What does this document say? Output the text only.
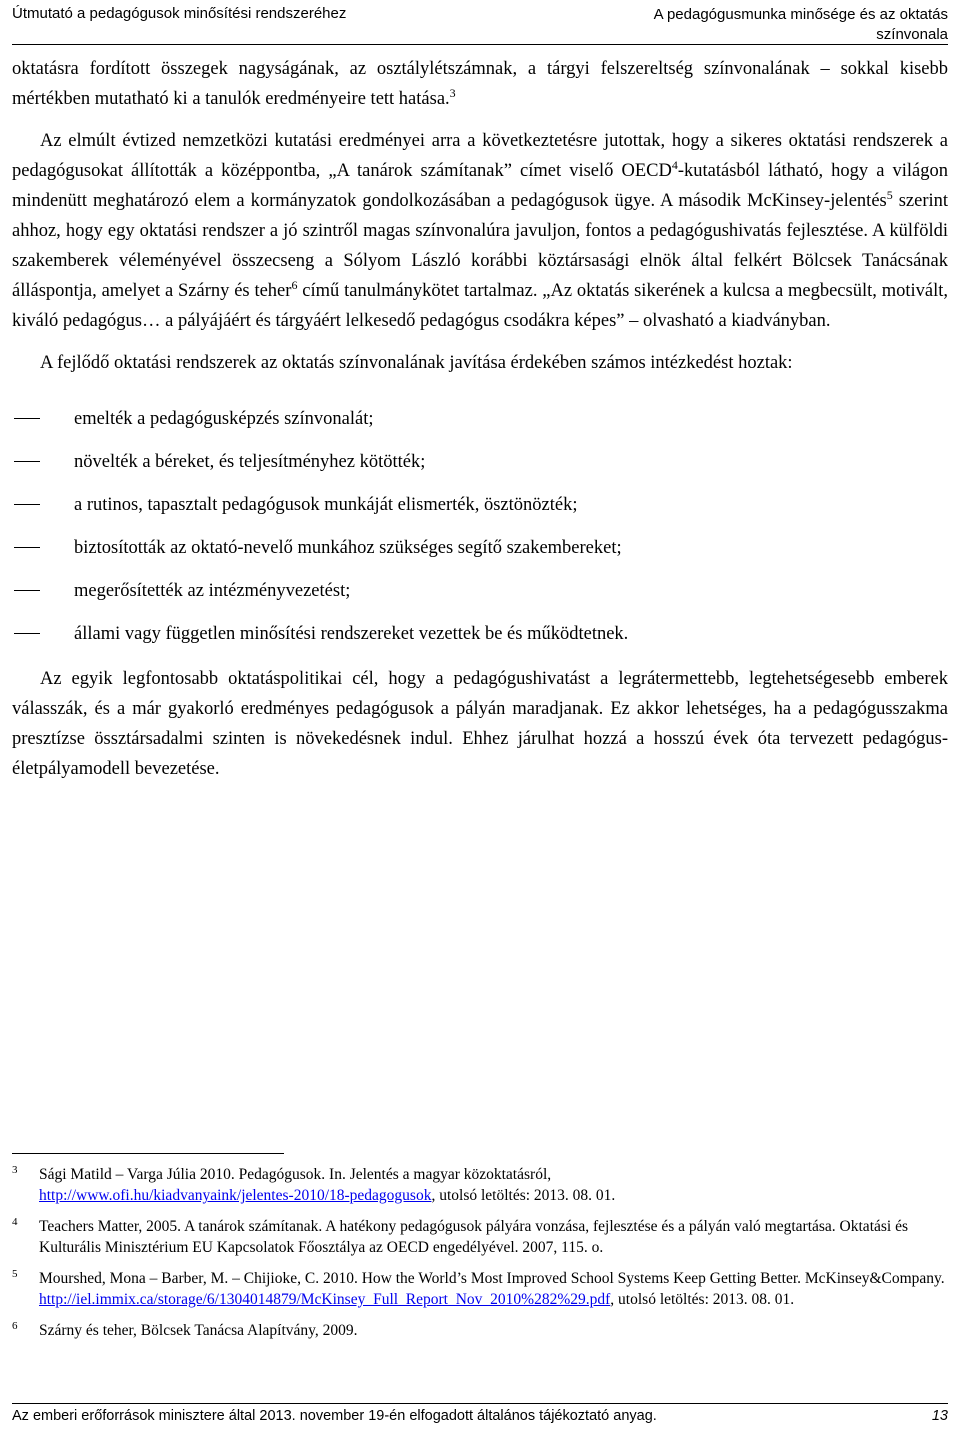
Útmutató a pedagógusok minősítési rendszeréhez	A pedagógusmunka minősége és az oktatás
színvonala

oktatásra fordított összegek nagyságának, az osztálylétszámnak, a tárgyi felszereltség színvonalának – sokkal kisebb mértékben mutatható ki a tanulók eredményeire tett hatása.$^3$

Az elmúlt évtized nemzetközi kutatási eredményei arra a következtetésre jutottak, hogy a sikeres oktatási rendszerek a pedagógusokat állították a középpontba, „A tanárok számítanak” címet viselő OECD$^4$-kutatásból látható, hogy a világon mindenütt meghatározó elem a kormányzatok gondolkozásában a pedagógusok ügye. A második McKinsey-jelentés$^5$ szerint ahhoz, hogy egy oktatási rendszer a jó szintről magas színvonalúra javuljon, fontos a pedagógushivatás fejlesztése. A külföldi szakemberek véleményével összecseng a Sólyom László korábbi köztársasági elnök által felkért Bölcsek Tanácsának álláspontja, amelyet a Szárny és teher$^6$ című tanulmánykötet tartalmaz. „Az oktatás sikerének a kulcsa a megbecsült, motivált, kiváló pedagógus… a pályájáért és tárgyáért lelkesedő pedagógus csodákra képes” – olvasható a kiadványban.

A fejlődő oktatási rendszerek az oktatás színvonalának javítása érdekében számos intézkedést hoztak:

emelték a pedagógusképzés színvonalát;
növelték a béreket, és teljesítményhez kötötték;
a rutinos, tapasztalt pedagógusok munkáját elismerték, ösztönözték;
biztosították az oktató-nevelő munkához szükséges segítő szakembereket;
megerősítették az intézményvezetést;
állami vagy független minősítési rendszereket vezettek be és működtetnek.

Az egyik legfontosabb oktatáspolitikai cél, hogy a pedagógushivatást a legrátermettebb, legtehetségesebb emberek válasszák, és a már gyakorló eredményes pedagógusok a pályán maradjanak. Ez akkor lehetséges, ha a pedagógusszakma presztízse össztársadalmi szinten is növekedésnek indul. Ehhez járulhat hozzá a hosszú évek óta tervezett pedagógus-életpályamodell bevezetése.

3 Sági Matild – Varga Júlia 2010. Pedagógusok. In. Jelentés a magyar közoktatásról,
http://www.ofi.hu/kiadvanyaink/jelentes-2010/18-pedagogusok, utolsó letöltés: 2013. 08. 01.
4 Teachers Matter, 2005. A tanárok számítanak. A hatékony pedagógusok pályára vonzása, fejlesztése és a pályán való megtartása. Oktatási és Kulturális Minisztérium EU Kapcsolatok Főosztálya az OECD engedélyével. 2007, 115. o.
5 Mourshed, Mona – Barber, M. – Chijioke, C. 2010. How the World’s Most Improved School Systems Keep Getting Better. McKinsey&Company. http://iel.immix.ca/storage/6/1304014879/McKinsey_Full_Report_Nov_2010%282%29.pdf, utolsó letöltés: 2013. 08. 01.
6 Szárny és teher, Bölcsek Tanácsa Alapítvány, 2009.
Az emberi erőforrások minisztere által 2013. november 19-én elfogadott általános tájékoztató anyag.	13
